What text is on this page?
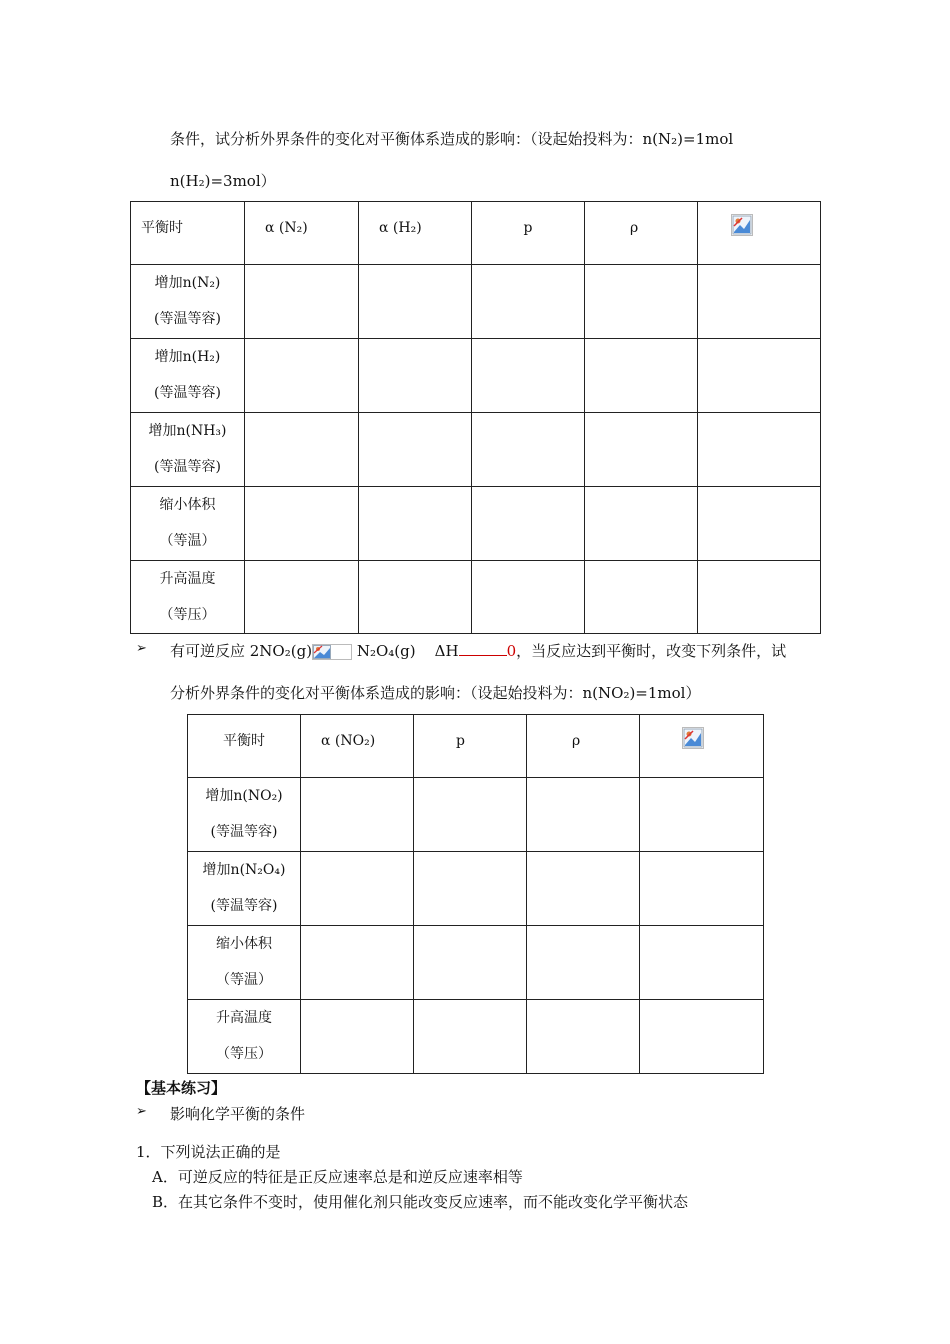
条件，试分析外界条件的变化对平衡体系造成的影响：（设起始投料为：n(N₂)=1mol
n(H₂)=3mol）
平衡时	α (N₂)	α (H₂)	p	ρ	

增加n(N₂)
(等温等容)					

增加n(H₂)
(等温等容)					

增加n(NH₃)
(等温等容)					

缩小体积
（等温）					

升高温度
（等压）					

➢ 有可逆反应 2NO₂(g)	N₂O₄(g) ΔH	0，当反应达到平衡时，改变下列条件，试
分析外界条件的变化对平衡体系造成的影响：（设起始投料为：n(NO₂)=1mol）
平衡时	α (NO₂)	p	ρ	

增加n(NO₂)
(等温等容)				

增加n(N₂O₄)
(等温等容)				

缩小体积
（等温）				

升高温度
（等压）				

【基本练习】
➢ 影响化学平衡的条件
1．下列说法正确的是
A．可逆反应的特征是正反应速率总是和逆反应速率相等
B．在其它条件不变时，使用催化剂只能改变反应速率，而不能改变化学平衡状态
